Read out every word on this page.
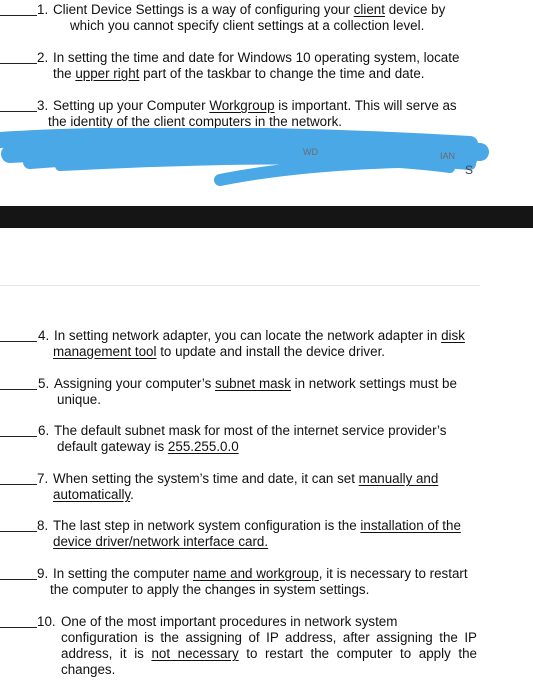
1. Client Device Settings is a way of configuring your client device by
which you cannot specify client settings at a collection level.
2. In setting the time and date for Windows 10 operating system, locate
the upper right part of the taskbar to change the time and date.
3. Setting up your Computer Workgroup is important. This will serve as
the identity of the client computers in the network.
WD	IAN
S
4. In setting network adapter, you can locate the network adapter in disk
management tool to update and install the device driver.
5. Assigning your computer’s subnet mask in network settings must be
unique.
6. The default subnet mask for most of the internet service provider’s
default gateway is 255.255.0.0
7. When setting the system’s time and date, it can set manually and
automatically.
8. The last step in network system configuration is the installation of the
device driver/network interface card.
9. In setting the computer name and workgroup, it is necessary to restart
the computer to apply the changes in system settings.
10. One of the most important procedures in network system
configuration is the assigning of IP address, after assigning the IP
address, it is not necessary to restart the computer to apply the
changes.
